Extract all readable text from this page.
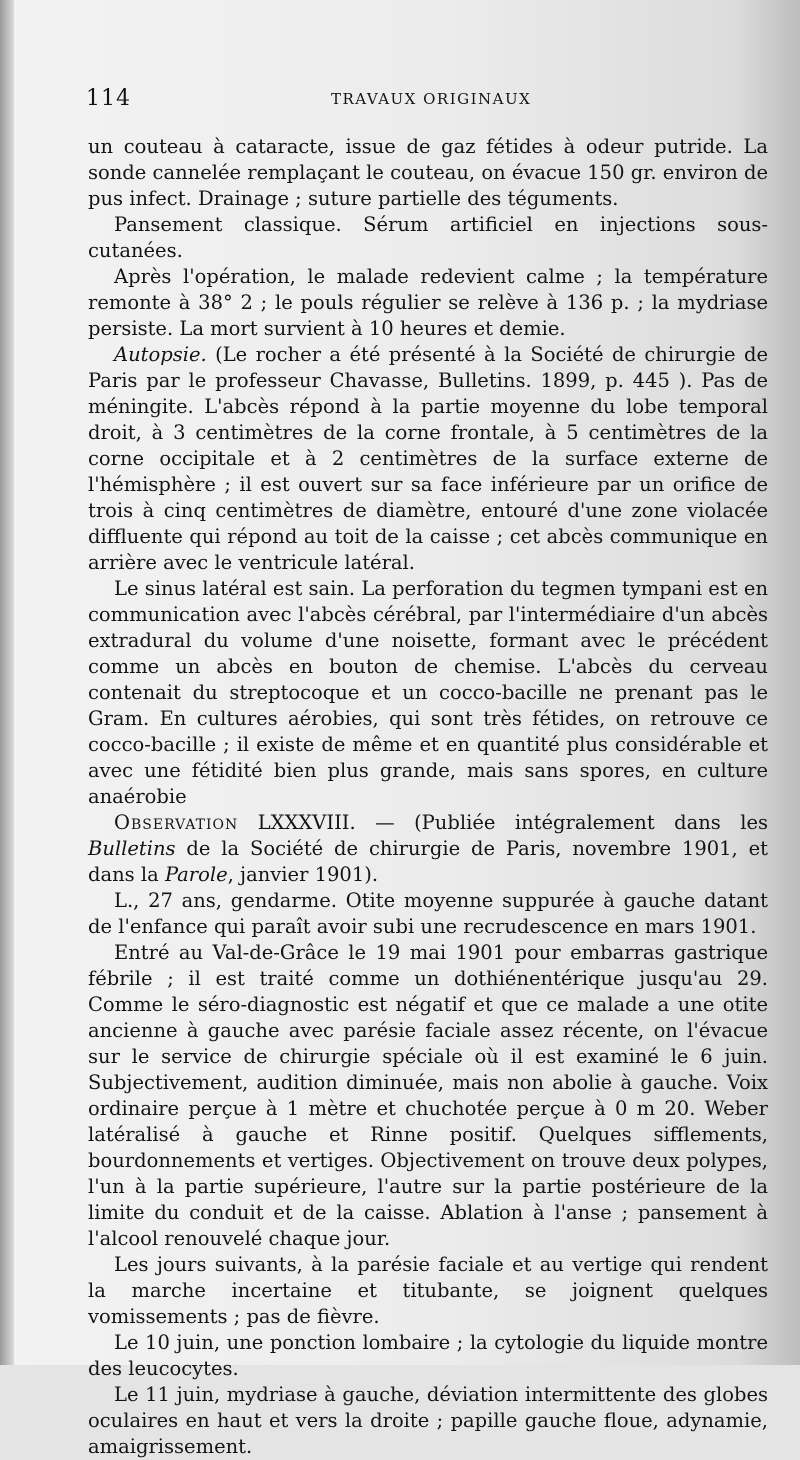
114	TRAVAUX ORIGINAUX

un couteau à cataracte, issue de gaz fétides à odeur putride. La sonde cannelée remplaçant le couteau, on évacue 150 gr. environ de pus infect. Drainage ; suture partielle des téguments.

Pansement classique. Sérum artificiel en injections sous-cutanées.

Après l'opération, le malade redevient calme ; la température remonte à 38° 2 ; le pouls régulier se relève à 136 p. ; la mydriase persiste. La mort survient à 10 heures et demie.

Autopsie. (Le rocher a été présenté à la Société de chirurgie de Paris par le professeur Chavasse, Bulletins. 1899, p. 445 ). Pas de méningite. L'abcès répond à la partie moyenne du lobe temporal droit, à 3 centimètres de la corne frontale, à 5 centimètres de la corne occipitale et à 2 centimètres de la surface externe de l'hémisphère ; il est ouvert sur sa face inférieure par un orifice de trois à cinq centimètres de diamètre, entouré d'une zone violacée diffluente qui répond au toit de la caisse ; cet abcès communique en arrière avec le ventricule latéral.

Le sinus latéral est sain. La perforation du tegmen tympani est en communication avec l'abcès cérébral, par l'intermédiaire d'un abcès extradural du volume d'une noisette, formant avec le précédent comme un abcès en bouton de chemise. L'abcès du cerveau contenait du streptocoque et un cocco-bacille ne prenant pas le Gram. En cultures aérobies, qui sont très fétides, on retrouve ce cocco-bacille ; il existe de même et en quantité plus considérable et avec une fétidité bien plus grande, mais sans spores, en culture anaérobie

Observation LXXXVIII. — (Publiée intégralement dans les Bulletins de la Société de chirurgie de Paris, novembre 1901, et dans la Parole, janvier 1901).

L., 27 ans, gendarme. Otite moyenne suppurée à gauche datant de l'enfance qui paraît avoir subi une recrudescence en mars 1901.

Entré au Val-de-Grâce le 19 mai 1901 pour embarras gastrique fébrile ; il est traité comme un dothiénentérique jusqu'au 29. Comme le séro-diagnostic est négatif et que ce malade a une otite ancienne à gauche avec parésie faciale assez récente, on l'évacue sur le service de chirurgie spéciale où il est examiné le 6 juin. Subjectivement, audition diminuée, mais non abolie à gauche. Voix ordinaire perçue à 1 mètre et chuchotée perçue à 0 m 20. Weber latéralisé à gauche et Rinne positif. Quelques sifflements, bourdonnements et vertiges. Objectivement on trouve deux polypes, l'un à la partie supérieure, l'autre sur la partie postérieure de la limite du conduit et de la caisse. Ablation à l'anse ; pansement à l'alcool renouvelé chaque jour.

Les jours suivants, à la parésie faciale et au vertige qui rendent la marche incertaine et titubante, se joignent quelques vomissements ; pas de fièvre.

Le 10 juin, une ponction lombaire ; la cytologie du liquide montre des leucocytes.

Le 11 juin, mydriase à gauche, déviation intermittente des globes oculaires en haut et vers la droite ; papille gauche floue, adynamie, amaigrissement.
